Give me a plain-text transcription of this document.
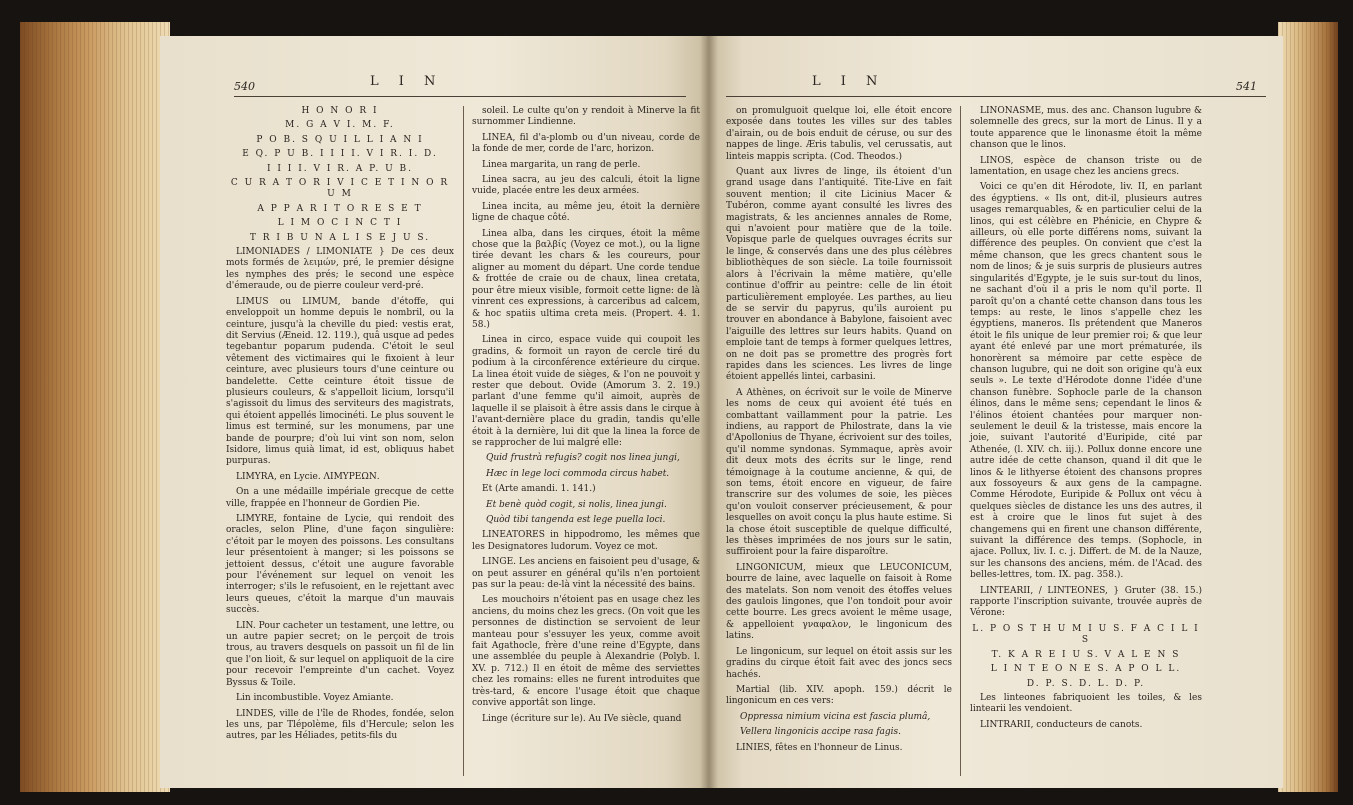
540	L I N

H O N O R I

M. G A V I. M. F.

P O B. S Q U I L L I A N I

E Q. P U B. I I I I. V I R. I. D.

I I I I. V I R. A P. U B.

C U R A T O R I V I C E T I N O R U M

A P P A R I T O R E S E T

L I M O C I N C T I

T R I B U N A L I S E J U S.

LIMONIADES / LIMONIATE } De ces deux mots formés de λειμών, pré, le premier désigne les nymphes des prés; le second une espèce d'émeraude, ou de pierre couleur verd-pré.

LIMUS ou LIMUM, bande d'étoffe, qui enveloppoit un homme depuis le nombril, ou la ceinture, jusqu'à la cheville du pied: vestis erat, dit Servius (Æneid. 12. 119.), quâ usque ad pedes tegebantur poparum pudenda. C'étoit le seul vêtement des victimaires qui le fixoient à leur ceinture, avec plusieurs tours d'une ceinture ou bandelette. Cette ceinture étoit tissue de plusieurs couleurs, & s'appelloit licium, lorsqu'il s'agissoit du limus des serviteurs des magistrats, qui étoient appellés limocinéti. Le plus souvent le limus est terminé, sur les monumens, par une bande de pourpre; d'où lui vint son nom, selon Isidore, limus quià limat, id est, obliquus habet purpuras.

LIMYRA, en Lycie. ΛΙΜΥΡΕΩΝ.

On a une médaille impériale grecque de cette ville, frappée en l'honneur de Gordien Pie.

LIMYRE, fontaine de Lycie, qui rendoit des oracles, selon Pline, d'une façon singulière: c'étoit par le moyen des poissons. Les consultans leur présentoient à manger; si les poissons se jettoient dessus, c'étoit une augure favorable pour l'événement sur lequel on venoit les interroger; s'ils le refusoient, en le rejettant avec leurs queues, c'étoit la marque d'un mauvais succès.

LIN. Pour cacheter un testament, une lettre, ou un autre papier secret; on le perçoit de trois trous, au travers desquels on passoit un fil de lin que l'on lioit, & sur lequel on appliquoit de la cire pour recevoir l'empreinte d'un cachet. Voyez Byssus & Toile.

Lin incombustible. Voyez Amiante.

LINDES, ville de l'île de Rhodes, fondée, selon les uns, par Tlépolème, fils d'Hercule; selon les autres, par les Héliades, petits-fils du

soleil. Le culte qu'on y rendoit à Minerve la fit surnommer Lindienne.

LINEA, fil d'a-plomb ou d'un niveau, corde de la fonde de mer, corde de l'arc, horizon.

Linea margarita, un rang de perle.

Linea sacra, au jeu des calculi, étoit la ligne vuide, placée entre les deux armées.

Linea incita, au même jeu, étoit la dernière ligne de chaque côté.

Linea alba, dans les cirques, étoit la même chose que la βαλβίς (Voyez ce mot.), ou la ligne tirée devant les chars & les coureurs, pour aligner au moment du départ. Une corde tendue & frottée de craie ou de chaux, linea cretata, pour être mieux visible, formoit cette ligne: de là vinrent ces expressions, à carceribus ad calcem, & hoc spatiis ultima creta meis. (Propert. 4. 1. 58.)

Linea in circo, espace vuide qui coupoit les gradins, & formoit un rayon de cercle tiré du podium à la circonférence extérieure du cirque. La linea étoit vuide de sièges, & l'on ne pouvoit y rester que debout. Ovide (Amorum 3. 2. 19.) parlant d'une femme qu'il aimoit, auprès de laquelle il se plaisoit à être assis dans le cirque à l'avant-dernière place du gradin, tandis qu'elle étoit à la dernière, lui dit que la linea la force de se rapprocher de lui malgré elle:

Quid frustrà refugis? cogit nos linea jungi,

Hæc in lege loci commoda circus habet.

Et (Arte amandi. 1. 141.)

Et benè quòd cogit, si nolis, linea jungi.

Quòd tibi tangenda est lege puella loci.

LINEATORES in hippodromo, les mêmes que les Designatores ludorum. Voyez ce mot.

LINGE. Les anciens en faisoient peu d'usage, & on peut assurer en général qu'ils n'en portoient pas sur la peau: de-là vint la nécessité des bains.

Les mouchoirs n'étoient pas en usage chez les anciens, du moins chez les grecs. (On voit que les personnes de distinction se servoient de leur manteau pour s'essuyer les yeux, comme avoit fait Agathocle, frère d'une reine d'Egypte, dans une assemblée du peuple à Alexandrie (Polyb. l. XV. p. 712.) Il en étoit de même des serviettes chez les romains: elles ne furent introduites que très-tard, & encore l'usage étoit que chaque convive apportât son linge.

Linge (écriture sur le). Au IVe siècle, quand

L I N	541

on promulguoit quelque loi, elle étoit encore exposée dans toutes les villes sur des tables d'airain, ou de bois enduit de céruse, ou sur des nappes de linge. Æris tabulis, vel cerussatis, aut linteis mappis scripta. (Cod. Theodos.)

Quant aux livres de linge, ils étoient d'un grand usage dans l'antiquité. Tite-Live en fait souvent mention; il cite Licinius Macer & Tubéron, comme ayant consulté les livres des magistrats, & les anciennes annales de Rome, qui n'avoient pour matière que de la toile. Vopisque parle de quelques ouvrages écrits sur le linge, & conservés dans une des plus célèbres bibliothèques de son siècle. La toile fournissoit alors à l'écrivain la même matière, qu'elle continue d'offrir au peintre: celle de lin étoit particulièrement employée. Les parthes, au lieu de se servir du papyrus, qu'ils auroient pu trouver en abondance à Babylone, faisoient avec l'aiguille des lettres sur leurs habits. Quand on emploie tant de temps à former quelques lettres, on ne doit pas se promettre des progrès fort rapides dans les sciences. Les livres de linge étoient appellés lintei, carbasini.

A Athènes, on écrivoit sur le voile de Minerve les noms de ceux qui avoient été tués en combattant vaillamment pour la patrie. Les indiens, au rapport de Philostrate, dans la vie d'Apollonius de Thyane, écrivoient sur des toiles, qu'il nomme syndonas. Symmaque, après avoir dit deux mots des écrits sur le linge, rend témoignage à la coutume ancienne, & qui, de son tems, étoit encore en vigueur, de faire transcrire sur des volumes de soie, les pièces qu'on vouloit conserver précieusement, & pour lesquelles on avoit conçu la plus haute estime. Si la chose étoit susceptible de quelque difficulté, les thèses imprimées de nos jours sur le satin, suffiroient pour la faire disparoître.

LINGONICUM, mieux que LEUCONICUM, bourre de laine, avec laquelle on faisoit à Rome des matelats. Son nom venoit des étoffes velues des gaulois lingones, que l'on tondoit pour avoir cette bourre. Les grecs avoient le même usage, & appelloient γναφαλον, le lingonicum des latins.

Le lingonicum, sur lequel on étoit assis sur les gradins du cirque étoit fait avec des joncs secs hachés.

Martial (lib. XIV. apoph. 159.) décrit le lingonicum en ces vers:

Oppressa nimium vicina est fascia plumâ,

Vellera lingonicis accipe rasa fagis.

LINIES, fêtes en l'honneur de Linus.

LINONASME, mus. des anc. Chanson lugubre & solemnelle des grecs, sur la mort de Linus. Il y a toute apparence que le linonasme étoit la même chanson que le linos.

LINOS, espèce de chanson triste ou de lamentation, en usage chez les anciens grecs.

Voici ce qu'en dit Hérodote, liv. II, en parlant des égyptiens. « Ils ont, dit-il, plusieurs autres usages remarquables, & en particulier celui de la linos, qui est célèbre en Phénicie, en Chypre & ailleurs, où elle porte différens noms, suivant la différence des peuples. On convient que c'est la même chanson, que les grecs chantent sous le nom de linos; & je suis surpris de plusieurs autres singularités d'Egypte, je le suis sur-tout du linos, ne sachant d'où il a pris le nom qu'il porte. Il paroît qu'on a chanté cette chanson dans tous les temps: au reste, le linos s'appelle chez les égyptiens, maneros. Ils prétendent que Maneros étoit le fils unique de leur premier roi; & que leur ayant été enlevé par une mort prématurée, ils honorèrent sa mémoire par cette espèce de chanson lugubre, qui ne doit son origine qu'à eux seuls ». Le texte d'Hérodote donne l'idée d'une chanson funèbre. Sophocle parle de la chanson élinos, dans le même sens; cependant le linos & l'élinos étoient chantées pour marquer non-seulement le deuil & la tristesse, mais encore la joie, suivant l'autorité d'Euripide, cité par Athenée, (l. XIV. ch. iij.). Pollux donne encore une autre idée de cette chanson, quand il dit que le linos & le lithyerse étoient des chansons propres aux fossoyeurs & aux gens de la campagne. Comme Hérodote, Euripide & Pollux ont vécu à quelques siècles de distance les uns des autres, il est à croire que le linos fut sujet à des changemens qui en firent une chanson différente, suivant la différence des temps. (Sophocle, in ajace. Pollux, liv. I. c. j. Differt. de M. de la Nauze, sur les chansons des anciens, mém. de l'Acad. des belles-lettres, tom. IX. pag. 358.).

LINTEARII, / LINTEONES, } Gruter (38. 15.) rapporte l'inscription suivante, trouvée auprès de Vérone:

L. P O S T H U M I U S. F A C I L I S

T. K A R E I U S. V A L E N S

L I N T E O N E S. A P O L L.

D. P. S. D. L. D. P.

Les linteones fabriquoient les toiles, & les lintearii les vendoient.

LINTRARII, conducteurs de canots.
